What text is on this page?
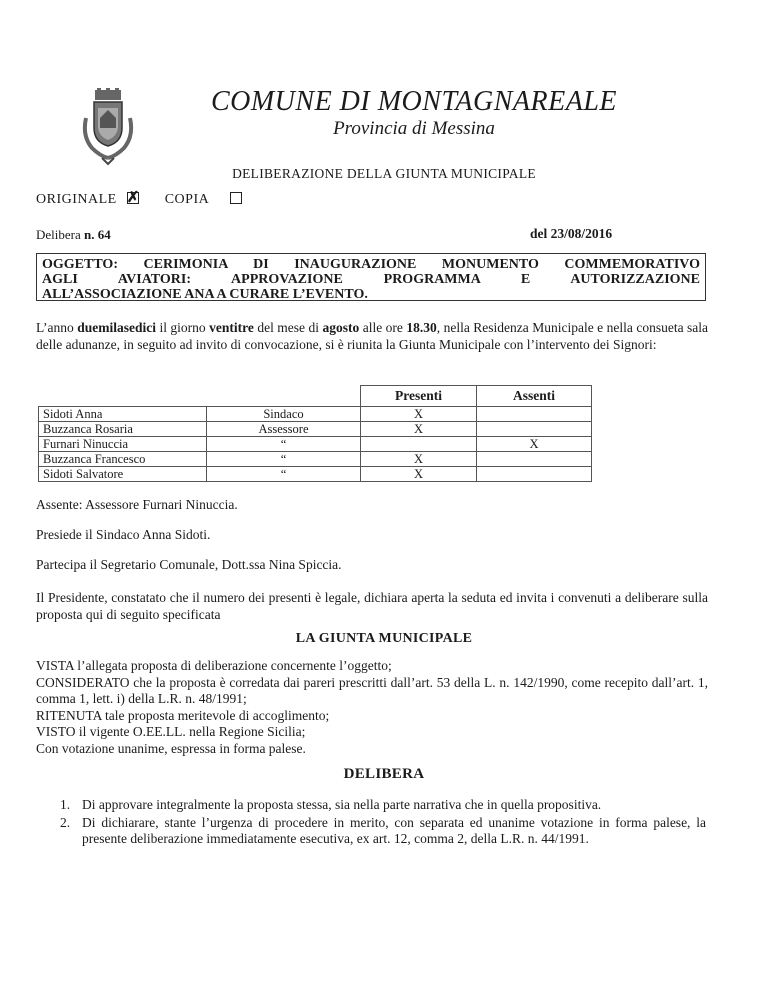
COMUNE DI MONTAGNAREALE
Provincia di Messina
DELIBERAZIONE DELLA GIUNTA MUNICIPALE
ORIGINALE ✗	COPIA
Delibera n. 64	del 23/08/2016
OGGETTO: CERIMONIA DI INAUGURAZIONE MONUMENTO COMMEMORATIVO
AGLI AVIATORI: APPROVAZIONE PROGRAMMA E AUTORIZZAZIONE
ALL’ASSOCIAZIONE ANA A CURARE L’EVENTO.
L’anno duemilasedici il giorno ventitre del mese di agosto alle ore 18.30, nella Residenza Municipale e nella consueta sala delle adunanze, in seguito ad invito di convocazione, si è riunita la Giunta Municipale con l’intervento dei Signori:
		Presenti	Assenti
Sidoti Anna	Sindaco	X	
Buzzanca Rosaria	Assessore	X	
Furnari Ninuccia	“		X
Buzzanca Francesco	“	X	
Sidoti Salvatore	“	X	
Assente: Assessore Furnari Ninuccia.
Presiede il Sindaco Anna Sidoti.
Partecipa il Segretario Comunale, Dott.ssa Nina Spiccia.
Il Presidente, constatato che il numero dei presenti è legale, dichiara aperta la seduta ed invita i convenuti a deliberare sulla proposta qui di seguito specificata
LA GIUNTA MUNICIPALE
VISTA l’allegata proposta di deliberazione concernente l’oggetto;
CONSIDERATO che la proposta è corredata dai pareri prescritti dall’art. 53 della L. n. 142/1990, come recepito dall’art. 1, comma 1, lett. i) della L.R. n. 48/1991;
RITENUTA tale proposta meritevole di accoglimento;
VISTO il vigente O.EE.LL. nella Regione Sicilia;
Con votazione unanime, espressa in forma palese.
DELIBERA
1. Di approvare integralmente la proposta stessa, sia nella parte narrativa che in quella propositiva.
2. Di dichiarare, stante l’urgenza di procedere in merito, con separata ed unanime votazione in forma palese, la presente deliberazione immediatamente esecutiva, ex art. 12, comma 2, della L.R. n. 44/1991.
